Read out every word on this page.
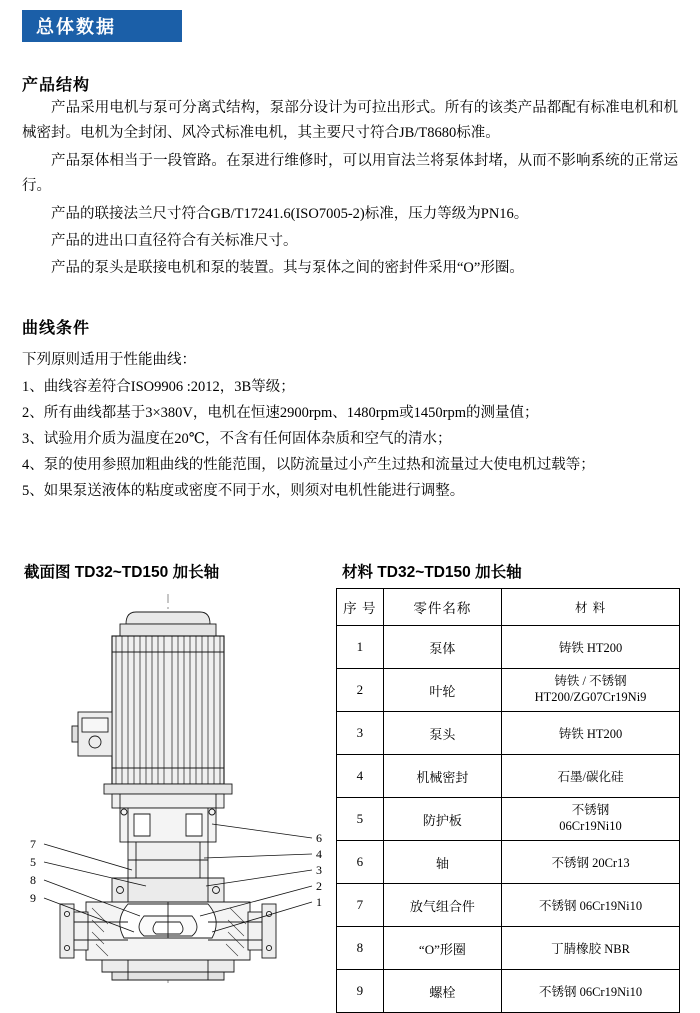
总体数据
产品结构

产品采用电机与泵可分离式结构，泵部分设计为可拉出形式。所有的该类产品都配有标准电机和机械密封。电机为全封闭、风冷式标准电机，其主要尺寸符合JB/T8680标准。

产品泵体相当于一段管路。在泵进行维修时，可以用盲法兰将泵体封堵，从而不影响系统的正常运行。

产品的联接法兰尺寸符合GB/T17241.6(ISO7005-2)标准，压力等级为PN16。

产品的进出口直径符合有关标准尺寸。

产品的泵头是联接电机和泵的装置。其与泵体之间的密封件采用“O”形圈。

曲线条件
下列原则适用于性能曲线：
1、曲线容差符合ISO9906 :2012，3B等级；
2、所有曲线都基于3×380V，电机在恒速2900rpm、1480rpm或1450rpm的测量值；
3、试验用介质为温度在20℃，不含有任何固体杂质和空气的清水；
4、泵的使用参照加粗曲线的性能范围，以防流量过小产生过热和流量过大使电机过载等；
5、如果泵送液体的粘度或密度不同于水，则须对电机性能进行调整。
截面图 TD32~TD150 加长轴	材料 TD32~TD150 加长轴
7
5
8
9
6
4
3
2
1
序 号	零件名称	材 料
1	泵体	铸铁 HT200
2	叶轮	铸铁 / 不锈钢
HT200/ZG07Cr19Ni9
3	泵头	铸铁 HT200
4	机械密封	石墨/碳化硅
5	防护板	不锈钢
06Cr19Ni10
6	轴	不锈钢 20Cr13
7	放气组合件	不锈钢 06Cr19Ni10
8	“O”形圈	丁腈橡胶 NBR
9	螺栓	不锈钢 06Cr19Ni10
